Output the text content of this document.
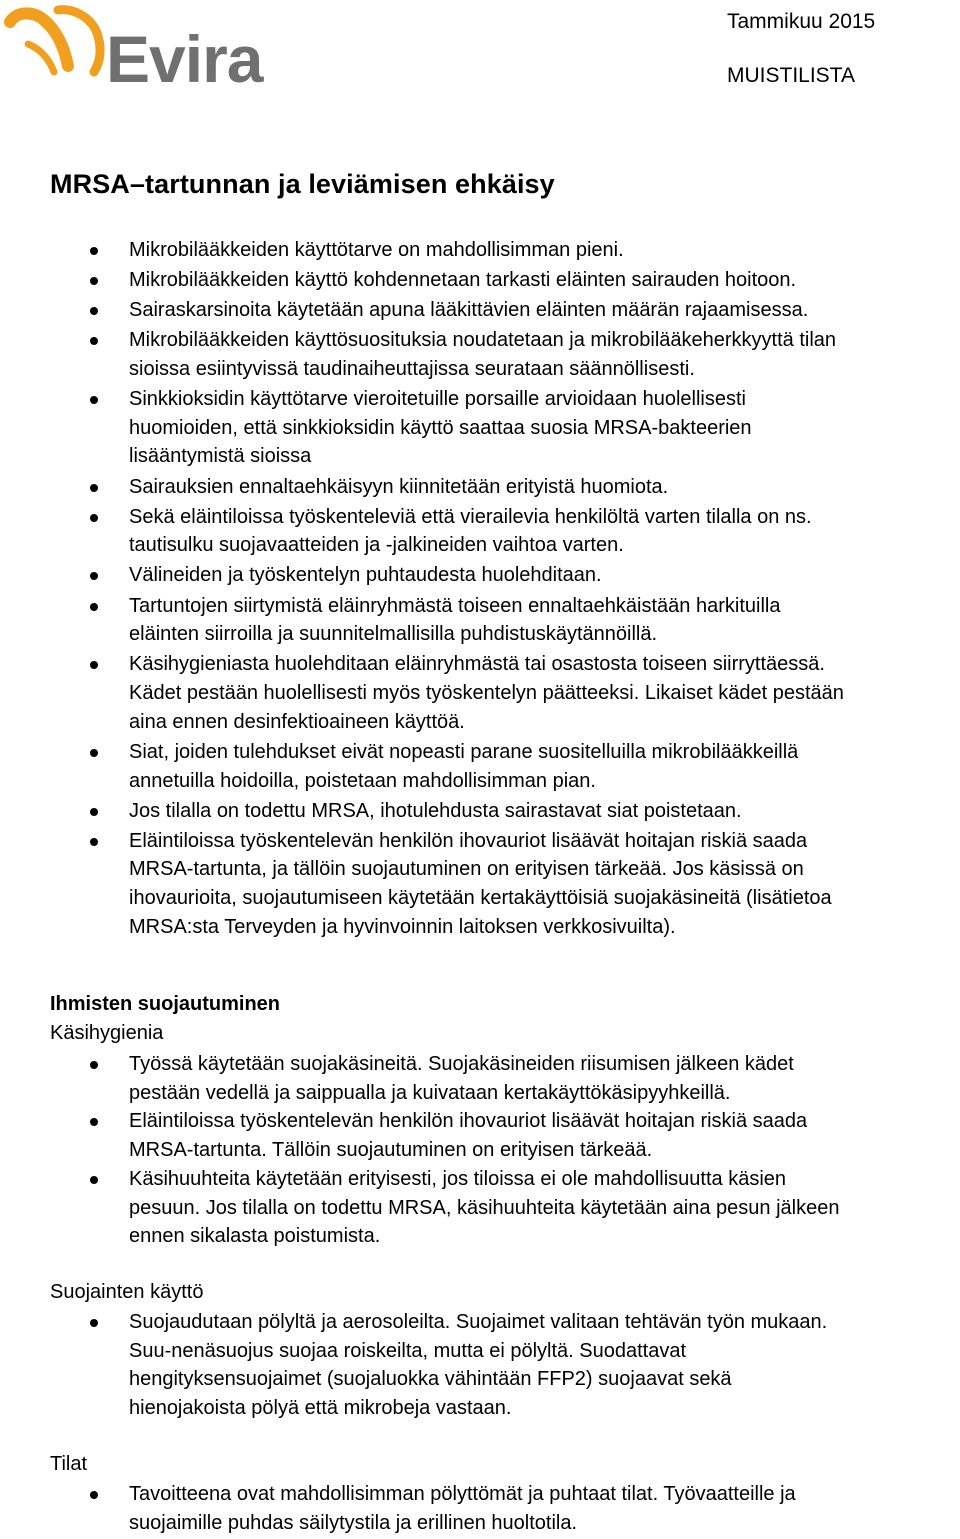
Evira
Tammikuu 2015
MUISTILISTA
MRSA–tartunnan ja leviämisen ehkäisy
Mikrobilääkkeiden käyttötarve on mahdollisimman pieni.
Mikrobilääkkeiden käyttö kohdennetaan tarkasti eläinten sairauden hoitoon.
Sairaskarsinoita käytetään apuna lääkittävien eläinten määrän rajaamisessa.
Mikrobilääkkeiden käyttösuosituksia noudatetaan ja mikrobilääkeherkkyyttä tilan
sioissa esiintyvissä taudinaiheuttajissa seurataan säännöllisesti.
Sinkkioksidin käyttötarve vieroitetuille porsaille arvioidaan huolellisesti
huomioiden, että sinkkioksidin käyttö saattaa suosia MRSA-bakteerien
lisääntymistä sioissa
Sairauksien ennaltaehkäisyyn kiinnitetään erityistä huomiota.
Sekä eläintiloissa työskenteleviä että vierailevia henkilöltä varten tilalla on ns.
tautisulku suojavaatteiden ja -jalkineiden vaihtoa varten.
Välineiden ja työskentelyn puhtaudesta huolehditaan.
Tartuntojen siirtymistä eläinryhmästä toiseen ennaltaehkäistään harkituilla
eläinten siirroilla ja suunnitelmallisilla puhdistuskäytännöillä.
Käsihygieniasta huolehditaan eläinryhmästä tai osastosta toiseen siirryttäessä.
Kädet pestään huolellisesti myös työskentelyn päätteeksi. Likaiset kädet pestään
aina ennen desinfektioaineen käyttöä.
Siat, joiden tulehdukset eivät nopeasti parane suositelluilla mikrobilääkkeillä
annetuilla hoidoilla, poistetaan mahdollisimman pian.
Jos tilalla on todettu MRSA, ihotulehdusta sairastavat siat poistetaan.
Eläintiloissa työskentelevän henkilön ihovauriot lisäävät hoitajan riskiä saada
MRSA-tartunta, ja tällöin suojautuminen on erityisen tärkeää. Jos käsissä on
ihovaurioita, suojautumiseen käytetään kertakäyttöisiä suojakäsineitä (lisätietoa
MRSA:sta Terveyden ja hyvinvoinnin laitoksen verkkosivuilta).
Ihmisten suojautuminen
Käsihygienia
Työssä käytetään suojakäsineitä. Suojakäsineiden riisumisen jälkeen kädet
pestään vedellä ja saippualla ja kuivataan kertakäyttökäsipyyhkeillä.
Eläintiloissa työskentelevän henkilön ihovauriot lisäävät hoitajan riskiä saada
MRSA-tartunta. Tällöin suojautuminen on erityisen tärkeää.
Käsihuuhteita käytetään erityisesti, jos tiloissa ei ole mahdollisuutta käsien
pesuun. Jos tilalla on todettu MRSA, käsihuuhteita käytetään aina pesun jälkeen
ennen sikalasta poistumista.
Suojainten käyttö
Suojaudutaan pölyltä ja aerosoleilta. Suojaimet valitaan tehtävän työn mukaan.
Suu-nenäsuojus suojaa roiskeilta, mutta ei pölyltä. Suodattavat
hengityksensuojaimet (suojaluokka vähintään FFP2) suojaavat sekä
hienojakoista pölyä että mikrobeja vastaan.
Tilat
Tavoitteena ovat mahdollisimman pölyttömät ja puhtaat tilat. Työvaatteille ja
suojaimille puhdas säilytystila ja erillinen huoltotila.
